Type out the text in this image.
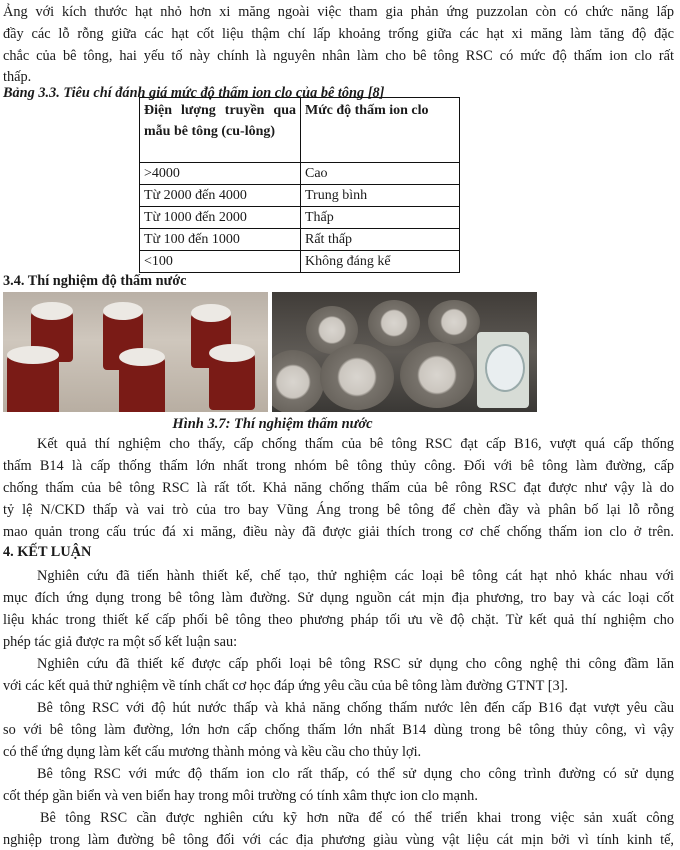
Ảng với kích thước hạt nhỏ hơn xi măng ngoài việc tham gia phản ứng puzzolan còn có chức năng lấp
đầy các lỗ rỗng giữa các hạt cốt liệu thậm chí lấp khoảng trống giữa các hạt xi măng làm tăng độ đặc
chắc của bê tông, hai yếu tố này chính là nguyên nhân làm cho bê tông RSC có mức độ thấm ion clo rất
thấp.
Bảng 3.3. Tiêu chí đánh giá mức độ thấm ion clo của bê tông [8]
Điện lượng truyền qua mẫu bê tông (cu-lông)	Mức độ thấm ion clo
>4000	Cao
Từ 2000 đến 4000	Trung bình
Từ 1000 đến 2000	Thấp
Từ 100 đến 1000	Rất thấp
<100	Không đáng kể
3.4. Thí nghiệm độ thấm nước
Hình 3.7: Thí nghiệm thấm nước
Kết quả thí nghiệm cho thấy, cấp chống thấm của bê tông RSC đạt cấp B16, vượt quá cấp thống
thấm B14 là cấp thống thấm lớn nhất trong nhóm bê tông thủy công. Đối với bê tông làm đường, cấp
chống thấm của bê tông RSC là rất tốt. Khả năng chống thấm của bê rông RSC đạt được như vậy là do
tỷ lệ N/CKD thấp và vai trò của tro bay Vũng Áng trong bê tông để chèn đầy và phân bố lại lỗ rỗng
mao quản trong cấu trúc đá xi măng, điều này đã được giải thích trong cơ chế chống thấm ion clo ở trên.
4. KẾT LUẬN
Nghiên cứu đã tiến hành thiết kế, chế tạo, thử nghiệm các loại bê tông cát hạt nhỏ khác nhau với
mục đích ứng dụng trong bê tông làm đường. Sử dụng nguồn cát mịn địa phương, tro bay và các loại cốt
liệu khác trong thiết kế cấp phối bê tông theo phương pháp tối ưu về độ chặt. Từ kết quả thí nghiệm cho
phép tác giả được ra một số kết luận sau:
Nghiên cứu đã thiết kế được cấp phối loại bê tông RSC sử dụng cho công nghệ thi công đầm lăn
với các kết quả thử nghiệm về tính chất cơ học đáp ứng yêu cầu của bê tông làm đường GTNT [3].
Bê tông RSC với độ hút nước thấp và khả năng chống thấm nước lên đến cấp B16 đạt vượt yêu cầu
so với bê tông làm đường, lớn hơn cấp chống thấm lớn nhất B14 dùng trong bê tông thủy công, vì vậy
có thể ứng dụng làm kết cấu mương thành mỏng và kều cầu cho thủy lợi.
Bê tông RSC với mức độ thấm ion clo rất thấp, có thể sử dụng cho công trình đường có sử dụng
cốt thép gần biển và ven biển hay trong môi trường có tính xâm thực ion clo mạnh.
Bê tông RSC cần được nghiên cứu kỹ hơn nữa để có thể triển khai trong việc sản xuất công
nghiệp trong làm đường bê tông đối với các địa phương giàu vùng vật liệu cát mịn bởi vì tính kinh tế,
